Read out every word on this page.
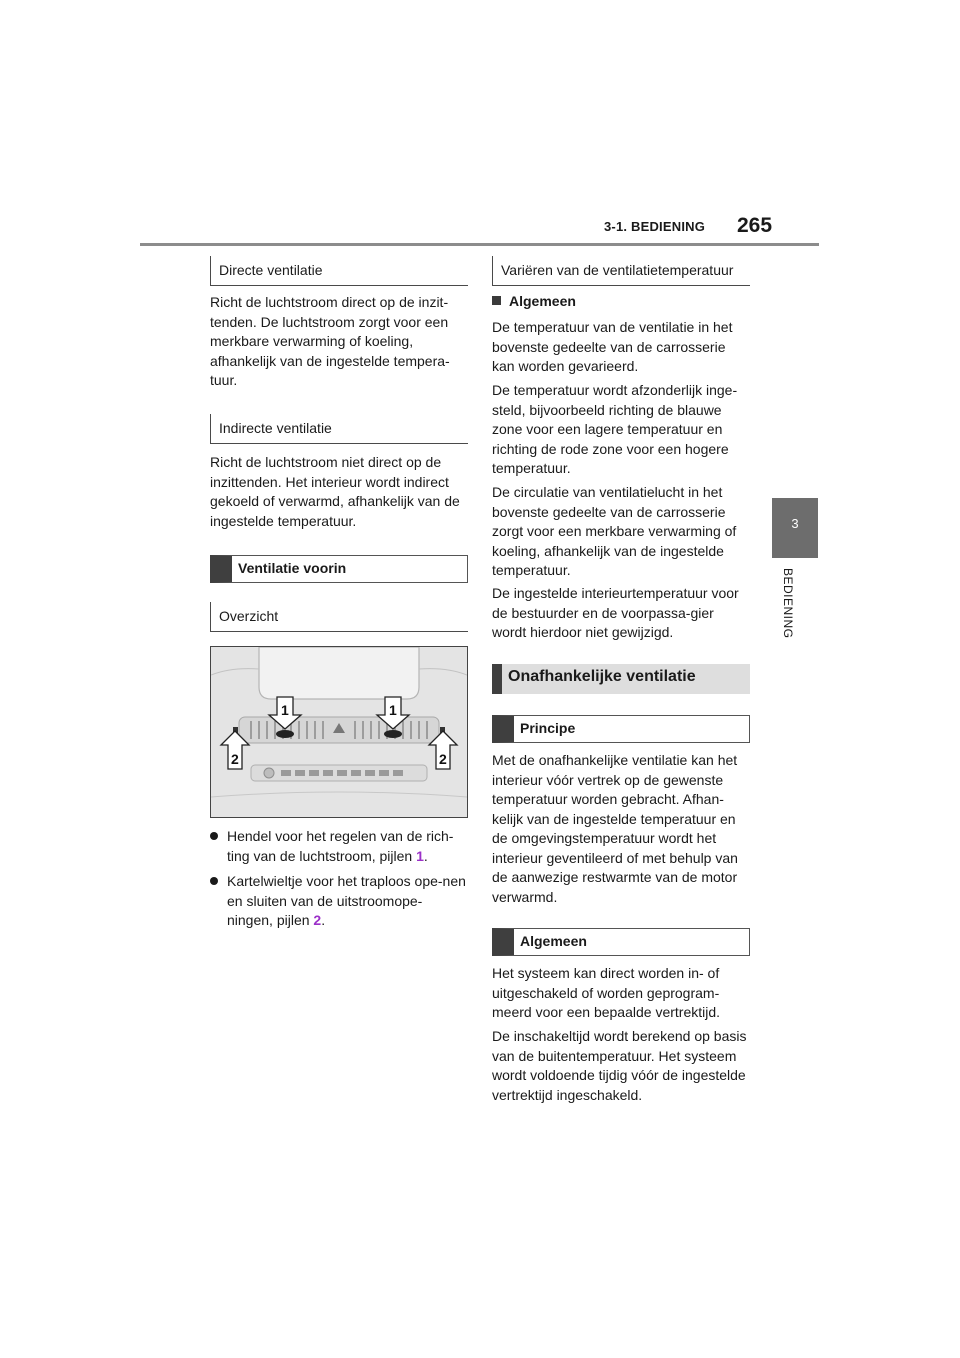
3-1. BEDIENING 265
3
BEDIENING
Directe ventilatie

Richt de luchtstroom direct op de inzit-tenden. De luchtstroom zorgt voor een merkbare verwarming of koeling, afhankelijk van de ingestelde tempera-tuur.

Indirecte ventilatie

Richt de luchtstroom niet direct op de inzittenden. Het interieur wordt indirect gekoeld of verwarmd, afhankelijk van de ingestelde temperatuur.

Ventilatie voorin
Overzicht
1	1
2	2
Hendel voor het regelen van de rich-ting van de luchtstroom, pijlen 1.
Kartelwieltje voor het traploos ope-nen en sluiten van de uitstroomope-ningen, pijlen 2.
Variëren van de ventilatietemperatuur
Algemeen

De temperatuur van de ventilatie in het bovenste gedeelte van de carrosserie kan worden gevarieerd.

De temperatuur wordt afzonderlijk inge-steld, bijvoorbeeld richting de blauwe zone voor een lagere temperatuur en richting de rode zone voor een hogere temperatuur.

De circulatie van ventilatielucht in het bovenste gedeelte van de carrosserie zorgt voor een merkbare verwarming of koeling, afhankelijk van de ingestelde temperatuur.

De ingestelde interieurtemperatuur voor de bestuurder en de voorpassa-gier wordt hierdoor niet gewijzigd.

Onafhankelijke ventilatie
Principe

Met de onafhankelijke ventilatie kan het interieur vóór vertrek op de gewenste temperatuur worden gebracht. Afhan-kelijk van de ingestelde temperatuur en de omgevingstemperatuur wordt het interieur geventileerd of met behulp van de aanwezige restwarmte van de motor verwarmd.

Algemeen

Het systeem kan direct worden in- of uitgeschakeld of worden geprogram-meerd voor een bepaalde vertrektijd.

De inschakeltijd wordt berekend op basis van de buitentemperatuur. Het systeem wordt voldoende tijdig vóór de ingestelde vertrektijd ingeschakeld.
